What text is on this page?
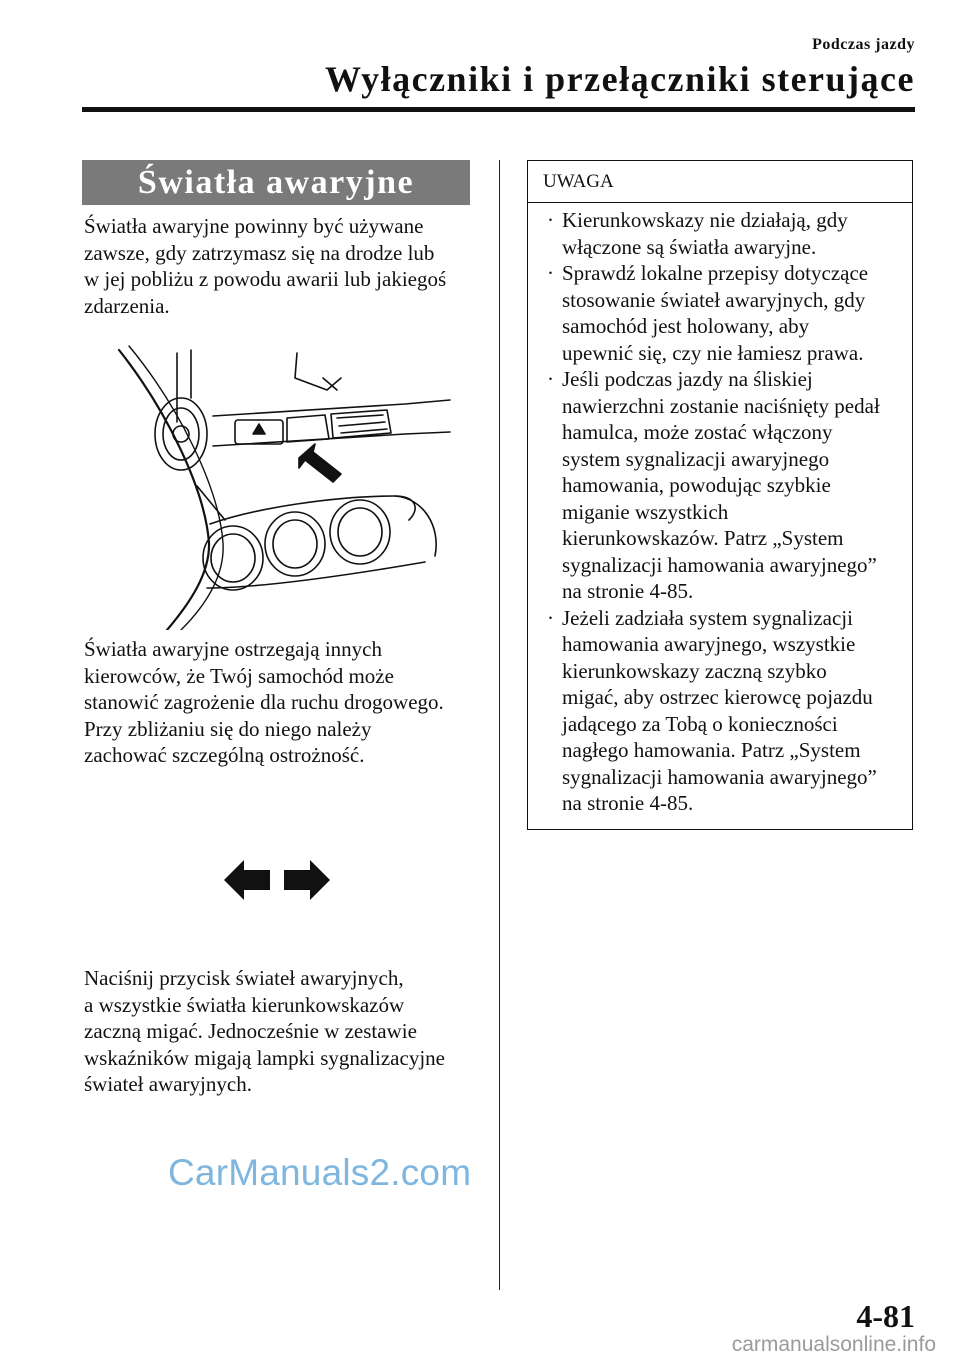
Podczas jazdy
Wyłączniki i przełączniki sterujące
Światła awaryjne
Światła awaryjne powinny być używane
zawsze, gdy zatrzymasz się na drodze lub
w jej pobliżu z powodu awarii lub jakiegoś
zdarzenia.
Światła awaryjne ostrzegają innych
kierowców, że Twój samochód może
stanowić zagrożenie dla ruchu drogowego.
Przy zbliżaniu się do niego należy
zachować szczególną ostrożność.
Naciśnij przycisk świateł awaryjnych,
a wszystkie światła kierunkowskazów
zaczną migać. Jednocześnie w zestawie
wskaźników migają lampki sygnalizacyjne
świateł awaryjnych.
CarManuals2.com
UWAGA
· Kierunkowskazy nie działają, gdy
włączone są światła awaryjne.
· Sprawdź lokalne przepisy dotyczące
stosowanie świateł awaryjnych, gdy
samochód jest holowany, aby
upewnić się, czy nie łamiesz prawa.
· Jeśli podczas jazdy na śliskiej
nawierzchni zostanie naciśnięty pedał
hamulca, może zostać włączony
system sygnalizacji awaryjnego
hamowania, powodując szybkie
miganie wszystkich
kierunkowskazów. Patrz „System
sygnalizacji hamowania awaryjnego”
na stronie 4-85.
· Jeżeli zadziała system sygnalizacji
hamowania awaryjnego, wszystkie
kierunkowskazy zaczną szybko
migać, aby ostrzec kierowcę pojazdu
jadącego za Tobą o konieczności
nagłego hamowania. Patrz „System
sygnalizacji hamowania awaryjnego”
na stronie 4-85.
4-81
carmanualsonline.info
